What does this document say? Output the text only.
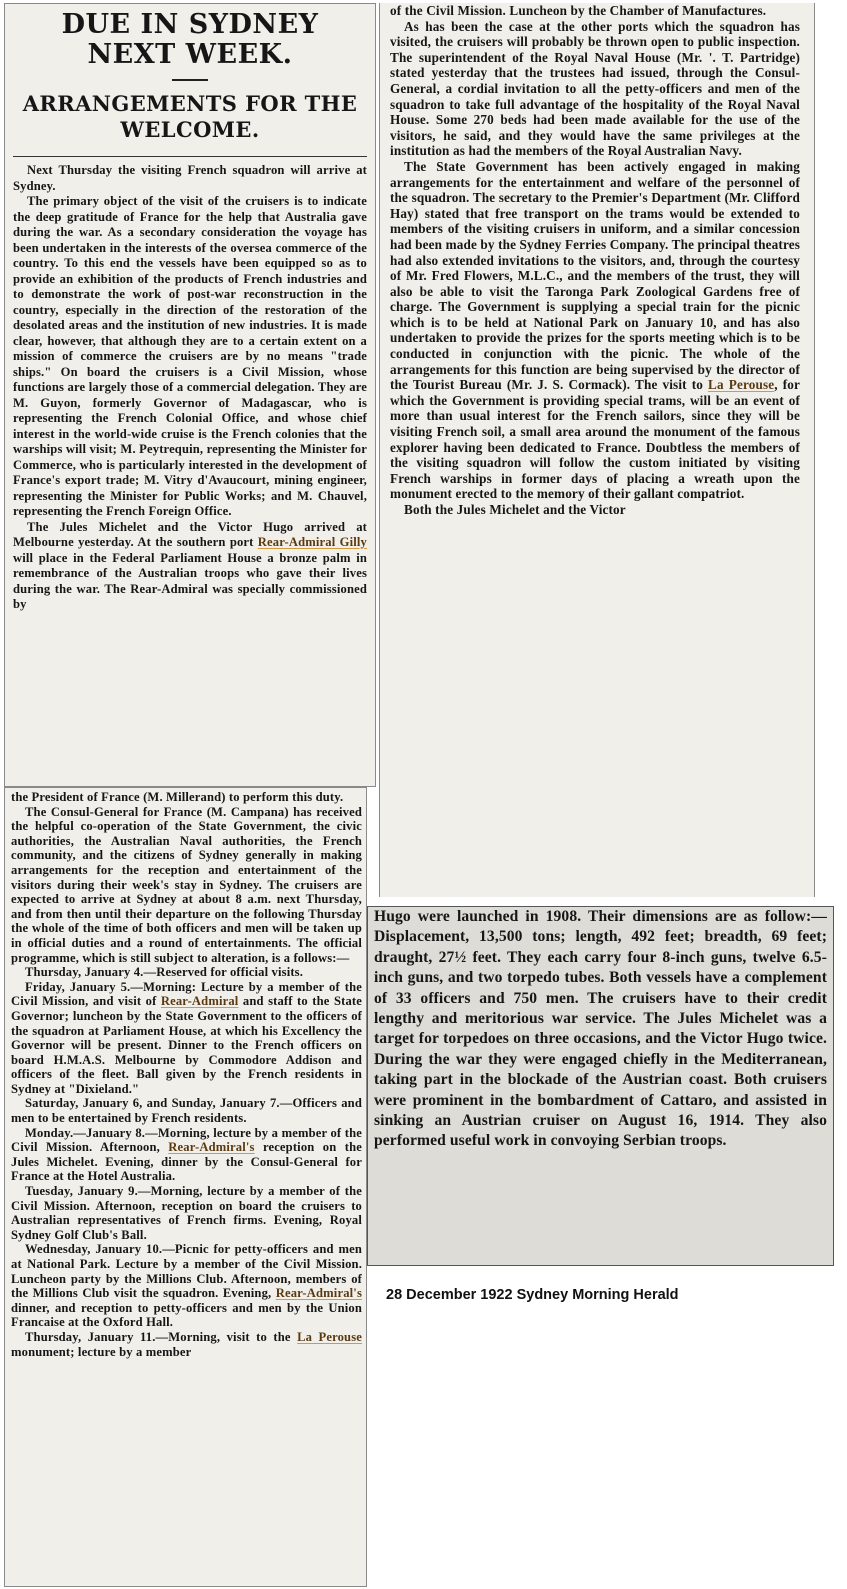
DUE IN SYDNEY NEXT WEEK.
ARRANGEMENTS FOR THE WELCOME.

Next Thursday the visiting French squadron will arrive at Sydney.

The primary object of the visit of the cruisers is to indicate the deep gratitude of France for the help that Australia gave during the war. As a secondary consideration the voyage has been undertaken in the interests of the oversea commerce of the country. To this end the vessels have been equipped so as to provide an exhibition of the products of French industries and to demonstrate the work of post-war reconstruction in the country, especially in the direction of the restoration of the desolated areas and the institution of new industries. It is made clear, however, that although they are to a certain extent on a mission of commerce the cruisers are by no means "trade ships." On board the cruisers is a Civil Mission, whose functions are largely those of a commercial delegation. They are M. Guyon, formerly Governor of Madagascar, who is representing the French Colonial Office, and whose chief interest in the world-wide cruise is the French colonies that the warships will visit; M. Peytrequin, representing the Minister for Commerce, who is particularly interested in the development of France's export trade; M. Vitry d'Avaucourt, mining engineer, representing the Minister for Public Works; and M. Chauvel, representing the French Foreign Office.

The Jules Michelet and the Victor Hugo arrived at Melbourne yesterday. At the southern port Rear-Admiral Gilly will place in the Federal Parliament House a bronze palm in remembrance of the Australian troops who gave their lives during the war. The Rear-Admiral was specially commissioned by

of the Civil Mission. Luncheon by the Chamber of Manufactures.

As has been the case at the other ports which the squadron has visited, the cruisers will probably be thrown open to public inspection. The superintendent of the Royal Naval House (Mr. '. T. Partridge) stated yesterday that the trustees had issued, through the Consul-General, a cordial invitation to all the petty-officers and men of the squadron to take full advantage of the hospitality of the Royal Naval House. Some 270 beds had been made available for the use of the visitors, he said, and they would have the same privileges at the institution as had the members of the Royal Australian Navy.

The State Government has been actively engaged in making arrangements for the entertainment and welfare of the personnel of the squadron. The secretary to the Premier's Department (Mr. Clifford Hay) stated that free transport on the trams would be extended to members of the visiting cruisers in uniform, and a similar concession had been made by the Sydney Ferries Company. The principal theatres had also extended invitations to the visitors, and, through the courtesy of Mr. Fred Flowers, M.L.C., and the members of the trust, they will also be able to visit the Taronga Park Zoological Gardens free of charge. The Government is supplying a special train for the picnic which is to be held at National Park on January 10, and has also undertaken to provide the prizes for the sports meeting which is to be conducted in conjunction with the picnic. The whole of the arrangements for this function are being supervised by the director of the Tourist Bureau (Mr. J. S. Cormack). The visit to La Perouse, for which the Government is providing special trams, will be an event of more than usual interest for the French sailors, since they will be visiting French soil, a small area around the monument of the famous explorer having been dedicated to France. Doubtless the members of the visiting squadron will follow the custom initiated by visiting French warships in former days of placing a wreath upon the monument erected to the memory of their gallant compatriot.

Both the Jules Michelet and the Victor

the President of France (M. Millerand) to perform this duty.

The Consul-General for France (M. Campana) has received the helpful co-operation of the State Government, the civic authorities, the Australian Naval authorities, the French community, and the citizens of Sydney generally in making arrangements for the reception and entertainment of the visitors during their week's stay in Sydney. The cruisers are expected to arrive at Sydney at about 8 a.m. next Thursday, and from then until their departure on the following Thursday the whole of the time of both officers and men will be taken up in official duties and a round of entertainments. The official programme, which is still subject to alteration, is a follows:—

Thursday, January 4.—Reserved for official visits.

Friday, January 5.—Morning: Lecture by a member of the Civil Mission, and visit of Rear-Admiral and staff to the State Governor; luncheon by the State Government to the officers of the squadron at Parliament House, at which his Excellency the Governor will be present. Dinner to the French officers on board H.M.A.S. Melbourne by Commodore Addison and officers of the fleet. Ball given by the French residents in Sydney at "Dixieland."

Saturday, January 6, and Sunday, January 7.—Officers and men to be entertained by French residents.

Monday.—January 8.—Morning, lecture by a member of the Civil Mission. Afternoon, Rear-Admiral's reception on the Jules Michelet. Evening, dinner by the Consul-General for France at the Hotel Australia.

Tuesday, January 9.—Morning, lecture by a member of the Civil Mission. Afternoon, reception on board the cruisers to Australian representatives of French firms. Evening, Royal Sydney Golf Club's Ball.

Wednesday, January 10.—Picnic for petty-officers and men at National Park. Lecture by a member of the Civil Mission. Luncheon party by the Millions Club. Afternoon, members of the Millions Club visit the squadron. Evening, Rear-Admiral's dinner, and reception to petty-officers and men by the Union Francaise at the Oxford Hall.

Thursday, January 11.—Morning, visit to the La Perouse monument; lecture by a member

Hugo were launched in 1908. Their dimensions are as follow:—Displacement, 13,500 tons; length, 492 feet; breadth, 69 feet; draught, 27½ feet. They each carry four 8-inch guns, twelve 6.5-inch guns, and two torpedo tubes. Both vessels have a complement of 33 officers and 750 men. The cruisers have to their credit lengthy and meritorious war service. The Jules Michelet was a target for torpedoes on three occasions, and the Victor Hugo twice. During the war they were engaged chiefly in the Mediterranean, taking part in the blockade of the Austrian coast. Both cruisers were prominent in the bombardment of Cattaro, and assisted in sinking an Austrian cruiser on August 16, 1914. They also performed useful work in convoying Serbian troops.

28 December 1922 Sydney Morning Herald
